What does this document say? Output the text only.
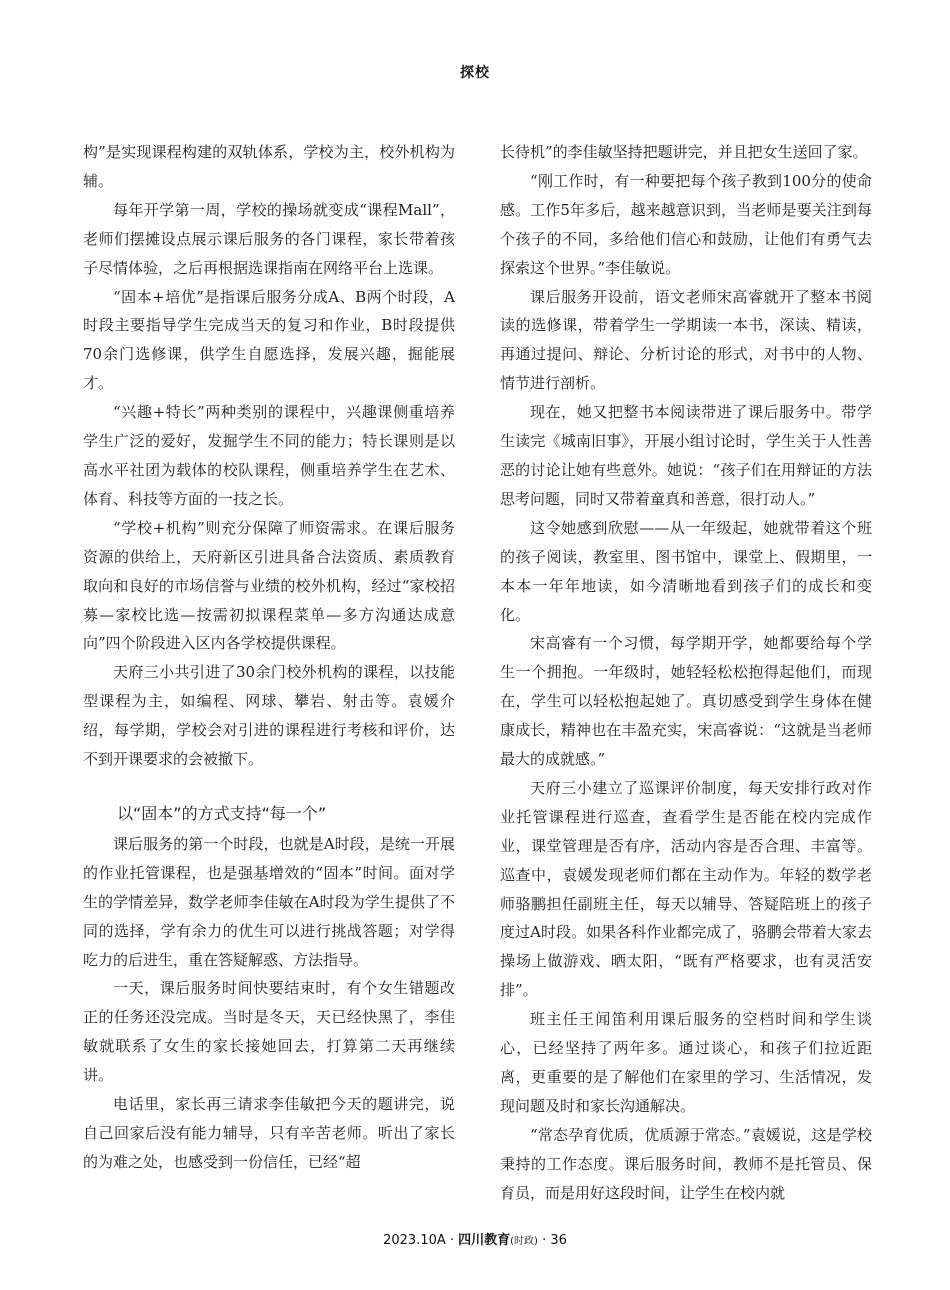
探校

构”是实现课程构建的双轨体系，学校为主，校外机构为辅。

每年开学第一周，学校的操场就变成“课程Mall”，老师们摆摊设点展示课后服务的各门课程，家长带着孩子尽情体验，之后再根据选课指南在网络平台上选课。

“固本+培优”是指课后服务分成A、B两个时段，A时段主要指导学生完成当天的复习和作业，B时段提供70余门选修课，供学生自愿选择，发展兴趣，掘能展才。

“兴趣+特长”两种类别的课程中，兴趣课侧重培养学生广泛的爱好，发掘学生不同的能力；特长课则是以高水平社团为载体的校队课程，侧重培养学生在艺术、体育、科技等方面的一技之长。

“学校+机构”则充分保障了师资需求。在课后服务资源的供给上，天府新区引进具备合法资质、素质教育取向和良好的市场信誉与业绩的校外机构，经过“家校招募—家校比选—按需初拟课程菜单—多方沟通达成意向”四个阶段进入区内各学校提供课程。

天府三小共引进了30余门校外机构的课程，以技能型课程为主，如编程、网球、攀岩、射击等。袁媛介绍，每学期，学校会对引进的课程进行考核和评价，达不到开课要求的会被撤下。

以“固本”的方式支持“每一个”

课后服务的第一个时段，也就是A时段，是统一开展的作业托管课程，也是强基增效的“固本”时间。面对学生的学情差异，数学老师李佳敏在A时段为学生提供了不同的选择，学有余力的优生可以进行挑战答题；对学得吃力的后进生，重在答疑解惑、方法指导。

一天，课后服务时间快要结束时，有个女生错题改正的任务还没完成。当时是冬天，天已经快黑了，李佳敏就联系了女生的家长接她回去，打算第二天再继续讲。

电话里，家长再三请求李佳敏把今天的题讲完，说自己回家后没有能力辅导，只有辛苦老师。听出了家长的为难之处，也感受到一份信任，已经“超

长待机”的李佳敏坚持把题讲完，并且把女生送回了家。

“刚工作时，有一种要把每个孩子教到100分的使命感。工作5年多后，越来越意识到，当老师是要关注到每个孩子的不同，多给他们信心和鼓励，让他们有勇气去探索这个世界。”李佳敏说。

课后服务开设前，语文老师宋高睿就开了整本书阅读的选修课，带着学生一学期读一本书，深读、精读，再通过提问、辩论、分析讨论的形式，对书中的人物、情节进行剖析。

现在，她又把整书本阅读带进了课后服务中。带学生读完《城南旧事》，开展小组讨论时，学生关于人性善恶的讨论让她有些意外。她说：“孩子们在用辩证的方法思考问题，同时又带着童真和善意，很打动人。”

这令她感到欣慰——从一年级起，她就带着这个班的孩子阅读，教室里、图书馆中，课堂上、假期里，一本本一年年地读，如今清晰地看到孩子们的成长和变化。

宋高睿有一个习惯，每学期开学，她都要给每个学生一个拥抱。一年级时，她轻轻松松抱得起他们，而现在，学生可以轻松抱起她了。真切感受到学生身体在健康成长，精神也在丰盈充实，宋高睿说：“这就是当老师最大的成就感。”

天府三小建立了巡课评价制度，每天安排行政对作业托管课程进行巡查，查看学生是否能在校内完成作业，课堂管理是否有序，活动内容是否合理、丰富等。巡查中，袁媛发现老师们都在主动作为。年轻的数学老师骆鹏担任副班主任，每天以辅导、答疑陪班上的孩子度过A时段。如果各科作业都完成了，骆鹏会带着大家去操场上做游戏、晒太阳，“既有严格要求，也有灵活安排”。

班主任王闻笛利用课后服务的空档时间和学生谈心，已经坚持了两年多。通过谈心，和孩子们拉近距离，更重要的是了解他们在家里的学习、生活情况，发现问题及时和家长沟通解决。

“常态孕育优质，优质源于常态。”袁媛说，这是学校秉持的工作态度。课后服务时间，教师不是托管员、保育员，而是用好这段时间，让学生在校内就

2023.10A · 四川教育(时政) · 36
